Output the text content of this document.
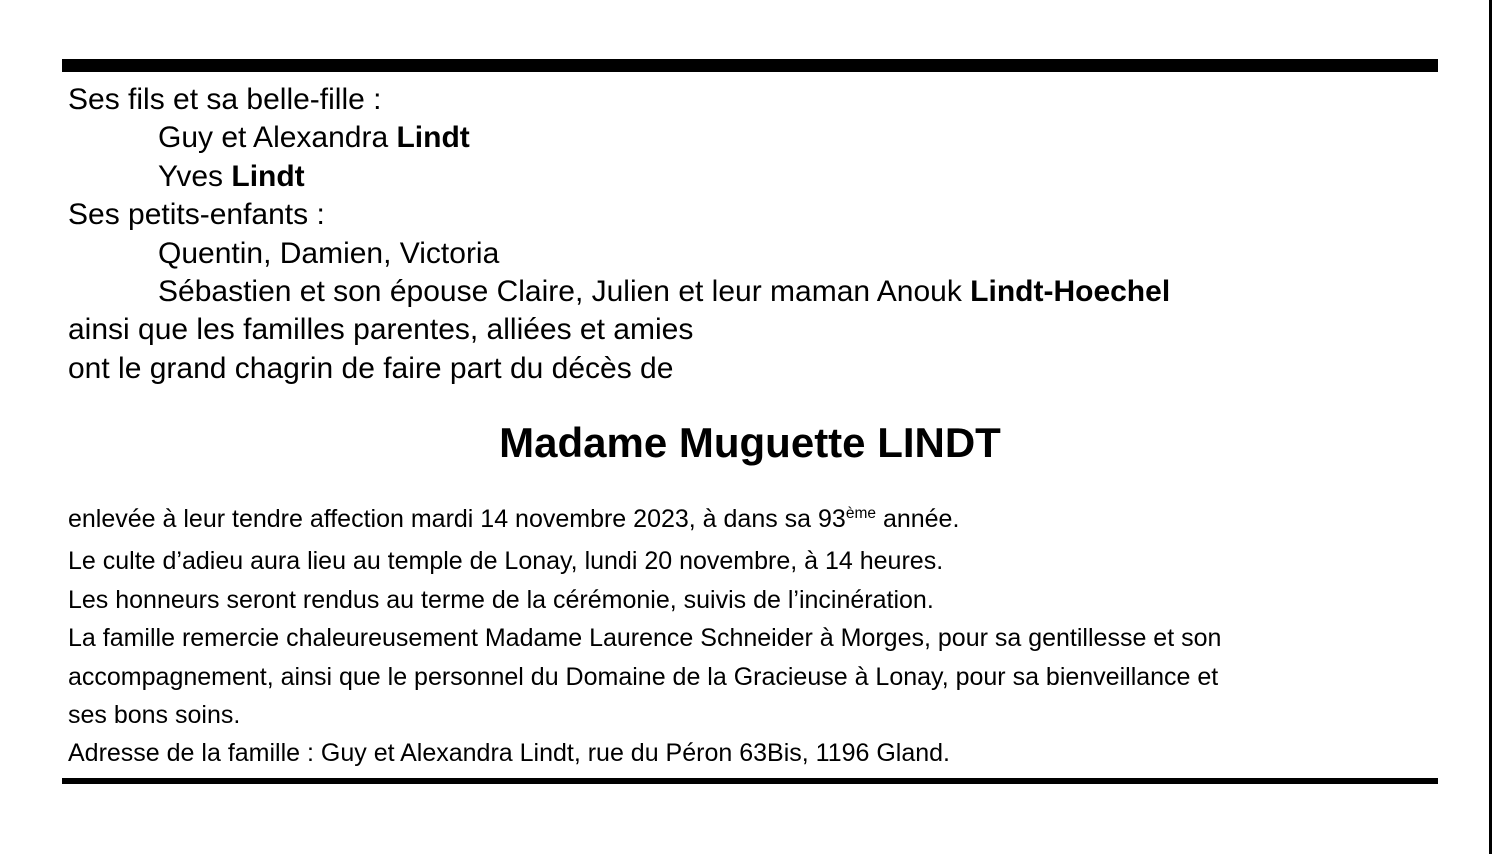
Ses fils et sa belle-fille :
Guy et Alexandra Lindt
Yves Lindt
Ses petits-enfants :
Quentin, Damien, Victoria
Sébastien et son épouse Claire, Julien et leur maman Anouk Lindt-Hoechel
ainsi que les familles parentes, alliées et amies
ont le grand chagrin de faire part du décès de
Madame Muguette LINDT
enlevée à leur tendre affection mardi 14 novembre 2023, à dans sa 93ème année.
Le culte d’adieu aura lieu au temple de Lonay, lundi 20 novembre, à 14 heures.
Les honneurs seront rendus au terme de la cérémonie, suivis de l’incinération.
La famille remercie chaleureusement Madame Laurence Schneider à Morges, pour sa gentillesse et son
accompagnement, ainsi que le personnel du Domaine de la Gracieuse à Lonay, pour sa bienveillance et
ses bons soins.
Adresse de la famille : Guy et Alexandra Lindt, rue du Péron 63Bis, 1196 Gland.
